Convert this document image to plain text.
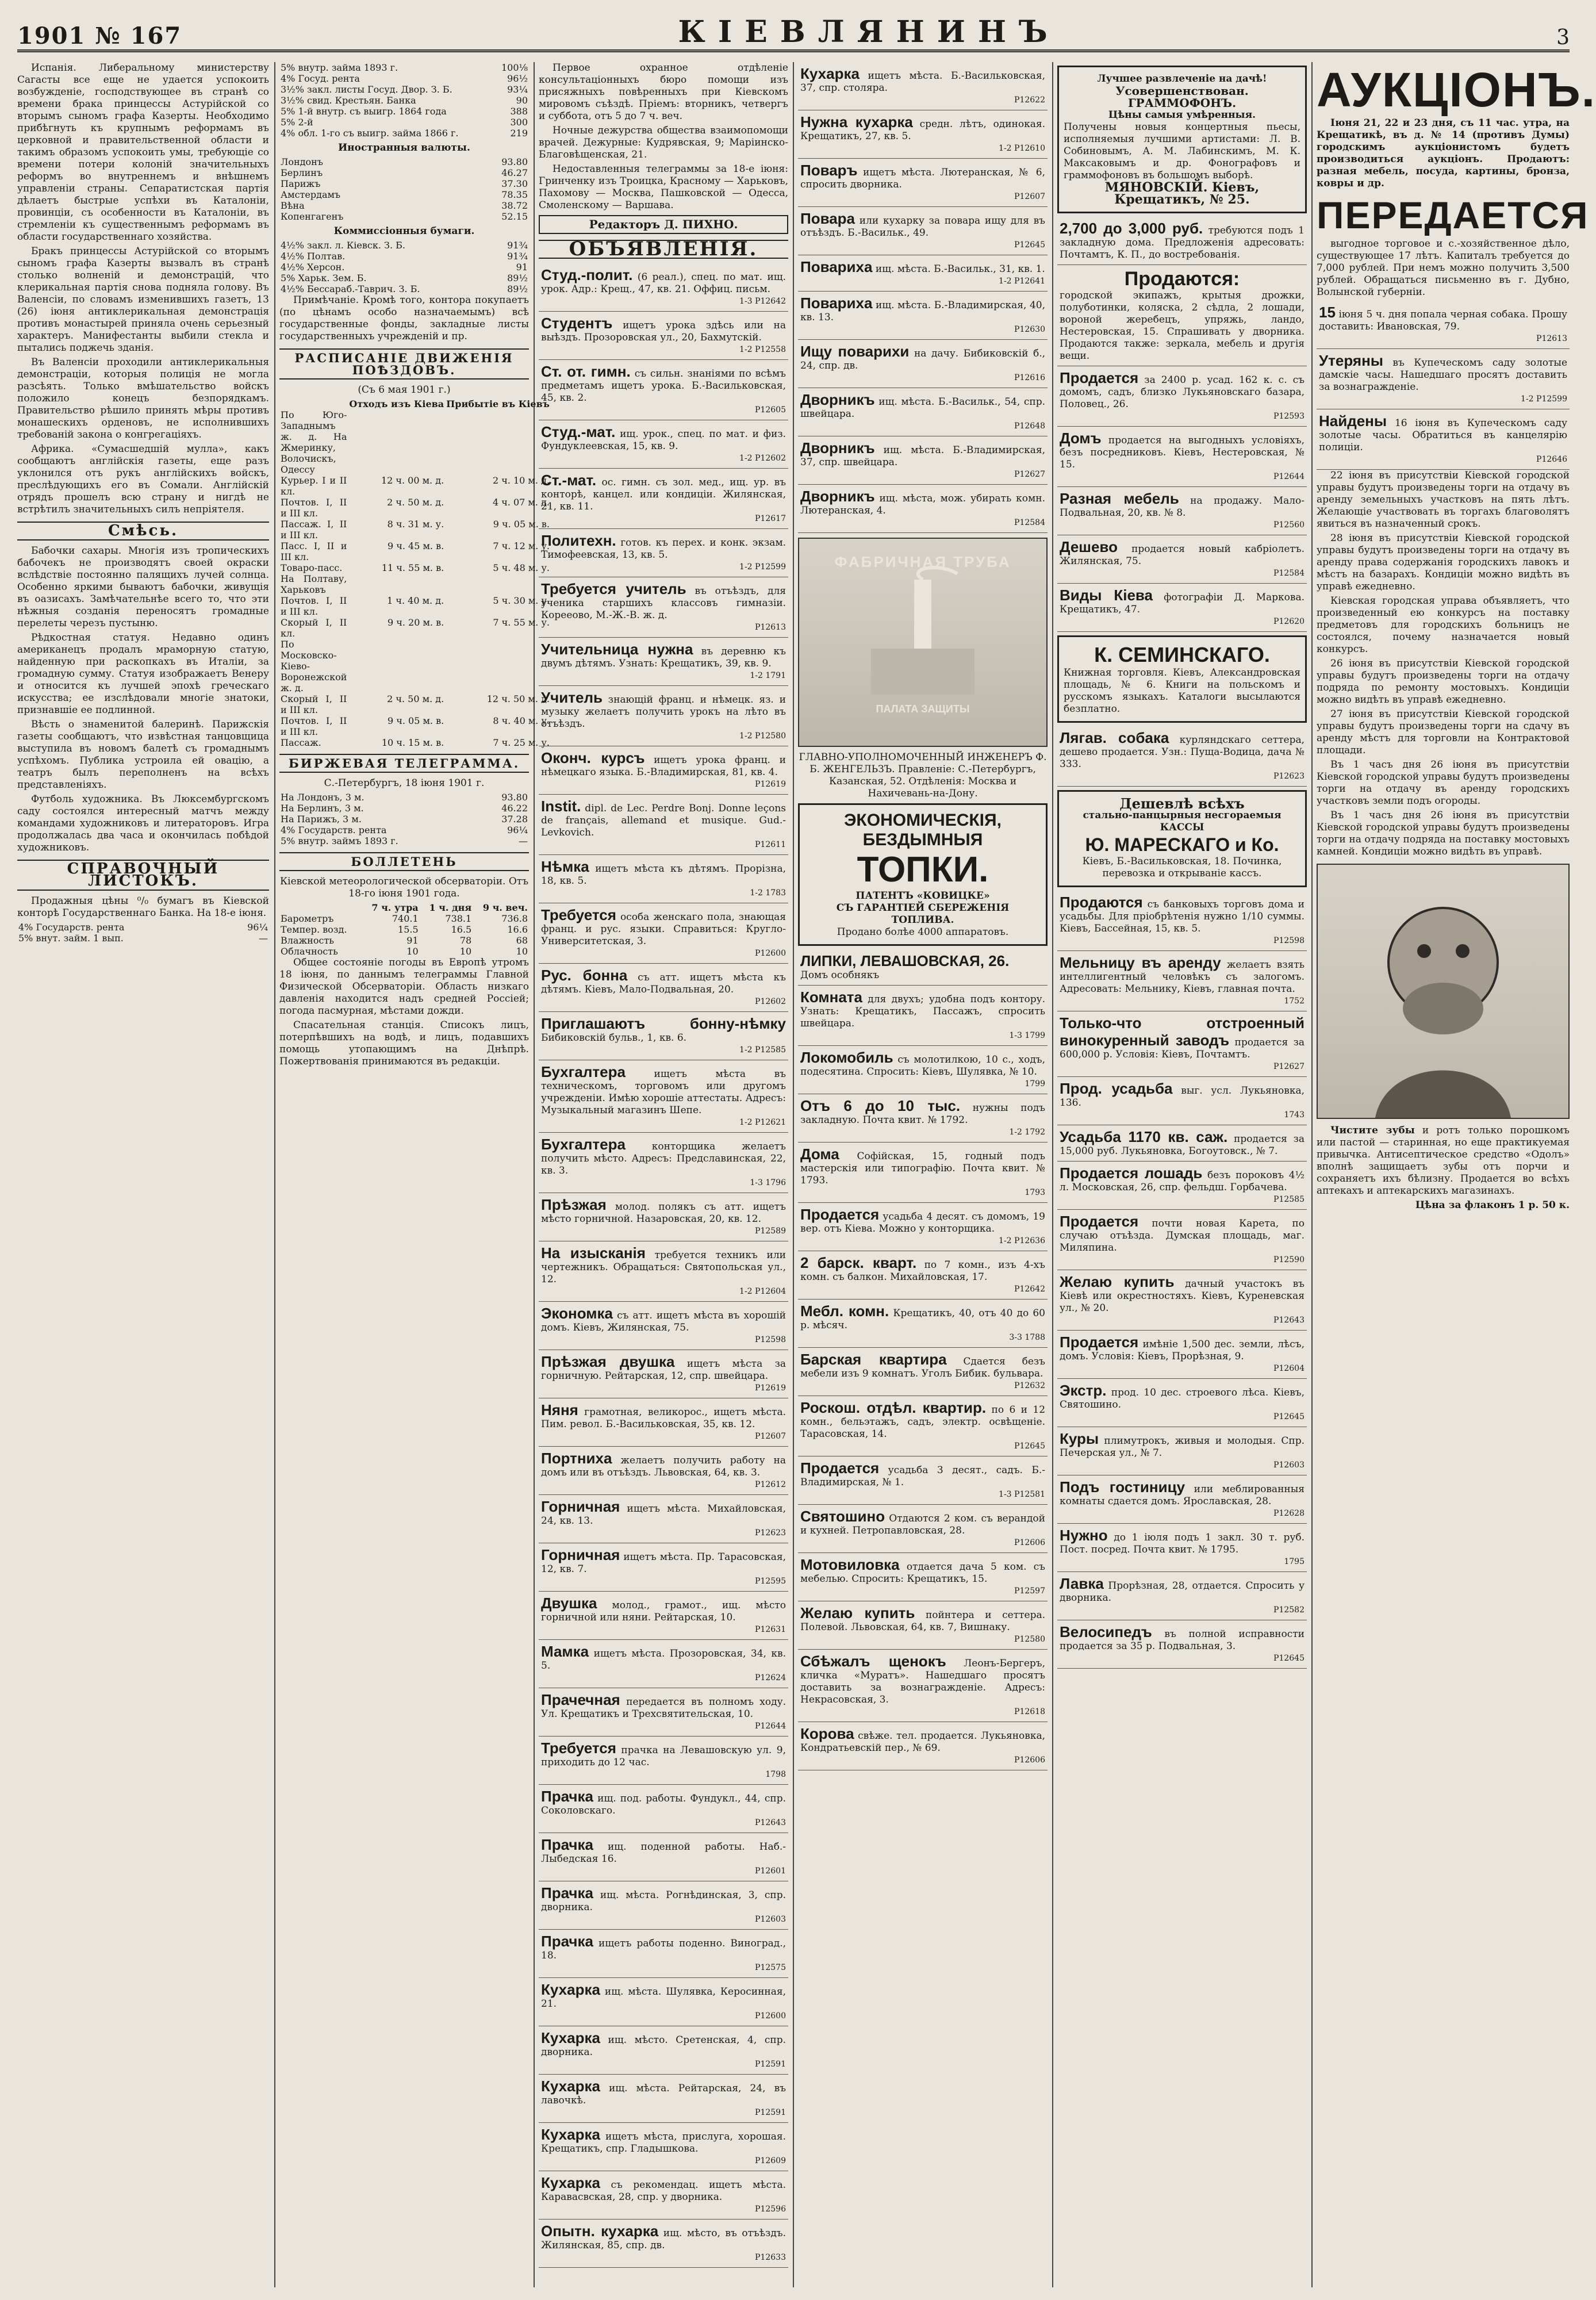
1901 № 167	КІЕВЛЯНИНЪ	3

Испанія. Либеральному министерству Сагасты все еще не удается успокоить возбужденіе, господствующее въ странѣ со времени брака принцессы Астурійской со вторымъ сыномъ графа Казерты. Необходимо прибѣгнуть къ крупнымъ реформамъ въ церковной и правительственной области и такимъ образомъ успокоить умы, требующіе со времени потери колоній значительныхъ реформъ во внутреннемъ и внѣшнемъ управленіи страны. Сепаратистская партія дѣлаетъ быстрые успѣхи въ Каталоніи, провинціи, съ особенности въ Каталоніи, въ стремленіи къ существеннымъ реформамъ въ области государственнаго хозяйства.

Бракъ принцессы Астурійской со вторымъ сыномъ графа Казерты вызвалъ въ странѣ столько волненій и демонстрацій, что клерикальная партія снова подняла голову. Въ Валенсіи, по словамъ изменившихъ газетъ, 13 (26) іюня антиклерикальная демонстрація противъ монастырей приняла очень серьезный характеръ. Манифестанты выбили стекла и пытались поджечь зданія.

Въ Валенсіи проходили антиклерикальныя демонстраціи, которыя полиція не могла разсѣять. Только вмѣшательство войскъ положило конецъ безпорядкамъ. Правительство рѣшило принять мѣры противъ монашескихъ орденовъ, не исполнившихъ требованій закона о конгрегаціяхъ.

Африка. «Сумасшедшій мулла», какъ сообщаютъ англійскія газеты, еще разъ уклонился отъ рукъ англійскихъ войскъ, преслѣдующихъ его въ Сомали. Англійскій отрядъ прошелъ всю страну и нигдѣ не встрѣтилъ значительныхъ силъ непріятеля.

Смѣсь.

Бабочки сахары. Многія изъ тропическихъ бабочекъ не производятъ своей окраски вслѣдствіе постоянно палящихъ лучей солнца. Особенно яркими бываютъ бабочки, живущія въ оазисахъ. Замѣчательнѣе всего то, что эти нѣжныя созданія переносятъ громадные перелеты черезъ пустыню.

Рѣдкостная статуя. Недавно одинъ американецъ продалъ мраморную статую, найденную при раскопкахъ въ Италіи, за громадную сумму. Статуя изображаетъ Венеру и относится къ лучшей эпохѣ греческаго искусства; ее изслѣдовали многіе знатоки, признавшіе ее подлинной.

Вѣсть о знаменитой балеринѣ. Парижскія газеты сообщаютъ, что извѣстная танцовщица выступила въ новомъ балетѣ съ громаднымъ успѣхомъ. Публика устроила ей овацію, а театръ былъ переполненъ на всѣхъ представленіяхъ.

Футболь художника. Въ Люксембургскомъ саду состоялся интересный матчъ между командами художниковъ и литераторовъ. Игра продолжалась два часа и окончилась побѣдой художниковъ.

СПРАВОЧНЫЙ ЛИСТОКЪ.

Продажныя цѣны ⁰/₀ бумагъ въ Кіевской конторѣ Государственнаго Банка. На 18-е іюня.

4% Государств. рента	96¼
5% внут. займ. 1 вып.	—
5% внутр. займа 1893 г.	100⅛
4% Госуд. рента	96½
3½% закл. листы Госуд. Двор. З. Б.	93¼
3½% свид. Крестьян. Банка	90
5% 1-й внутр. съ выигр. 1864 года	388
5% 2-й	300
4% обл. 1-го съ выигр. займа 1866 г.	219

Иностранныя валюты.

Лондонъ	93.80
Берлинъ	46.27
Парижъ	37.30
Амстердамъ	78.35
Вѣна	38.72
Копенгагенъ	52.15

Коммиссіонныя бумаги.

4½% закл. л. Кіевск. З. Б.	91¾
4½% Полтав.	91¾
4½% Херсон.	91
5% Харьк. Зем. Б.	89½
4½% Бессараб.-Таврич. З. Б.	89½

Примѣчаніе. Кромѣ того, контора покупаетъ (по цѣнамъ особо назначаемымъ) всѣ государственные фонды, закладные листы государственныхъ учрежденій и пр.

РАСПИСАНІЕ ДВИЖЕНІЯ ПОѢЗДОВЪ.

(Съ 6 мая 1901 г.)

	Отходъ изъ Кіева	Прибытіе въ Кіевъ
По Юго-Западнымъ ж. д. На Жмеринку, Волочискъ, Одессу		
Курьер. I и II кл.	12 ч. 00 м. д.	2 ч. 10 м. д.
Почтов. I, II и III кл.	2 ч. 50 м. д.	4 ч. 07 м. д.
Пассаж. I, II и III кл.	8 ч. 31 м. у.	9 ч. 05 м. в.
Пасс. I, II и III кл.	9 ч. 45 м. в.	7 ч. 12 м. у.
Товаро-пасс.	11 ч. 55 м. в.	5 ч. 48 м. у.
На Полтаву, Харьковъ		
Почтов. I, II и III кл.	1 ч. 40 м. д.	5 ч. 30 м. у.
Скорый I, II кл.	9 ч. 20 м. в.	7 ч. 55 м. у.
По Московско-Кіево-Воронежской ж. д.		
Скорый I, II и III кл.	2 ч. 50 м. д.	12 ч. 50 м. д.
Почтов. I, II и III кл.	9 ч. 05 м. в.	8 ч. 40 м. у.
Пассаж.	10 ч. 15 м. в.	7 ч. 25 м. у.
БИРЖЕВАЯ ТЕЛЕГРАММА.

С.-Петербургъ, 18 іюня 1901 г.

На Лондонъ, 3 м.	93.80
На Берлинъ, 3 м.	46.22
На Парижъ, 3 м.	37.28
4% Государств. рента	96¼
5% внутр. займъ 1893 г.	—
БОЛЛЕТЕНЬ

Кіевской метеорологической обсерваторіи. Отъ 18-го іюня 1901 года.

	7 ч. утра	1 ч. дня	9 ч. веч.
Барометръ	740.1	738.1	736.8
Темпер. возд.	15.5	16.5	16.6
Влажность	91	78	68
Облачность	10	10	10

Общее состояніе погоды въ Европѣ утромъ 18 іюня, по даннымъ телеграммы Главной Физической Обсерваторіи. Область низкаго давленія находится надъ средней Россіей; погода пасмурная, мѣстами дожди.

Спасательная станція. Списокъ лицъ, потерпѣвшихъ на водѣ, и лицъ, подавшихъ помощь утопающимъ на Днѣпрѣ. Пожертвованія принимаются въ редакціи.

Первое охранное отдѣленіе консультаціонныхъ бюро помощи изъ присяжныхъ повѣренныхъ при Кіевскомъ мировомъ съѣздѣ. Пріемъ: вторникъ, четвергъ и суббота, отъ 5 до 7 ч. веч.

Ночные дежурства общества взаимопомощи врачей. Дежурные: Кудрявская, 9; Маріинско-Благовѣщенская, 21.

Недоставленныя телеграммы за 18-е іюня: Гринченку изъ Троицка, Красному — Харьковъ, Пахомову — Москва, Пашковской — Одесса, Смоленскому — Варшава.

Редакторъ Д. ПИХНО.
ОБЪЯВЛЕНІЯ.
Студ.-полит. (6 реал.), спец. по мат. ищ. урок. Адр.: Крещ., 47, кв. 21. Оффиц. письм.
1-3 Р12642
Студентъ ищетъ урока здѣсь или на выѣздъ. Прозоровская ул., 20, Бахмутскій.
1-2 Р12558
Ст. от. гимн. съ сильн. знаніями по всѣмъ предметамъ ищетъ урока. Б.-Васильковская, 45, кв. 2.
Р12605
Студ.-мат. ищ. урок., спец. по мат. и физ. Фундуклеевская, 15, кв. 9.
1-2 Р12602
Ст.-мат. ос. гимн. съ зол. мед., ищ. ур. въ конторѣ, канцел. или кондиціи. Жилянская, 21, кв. 11.
Р12617
Политехн. готов. къ перех. и конк. экзам. Тимофеевская, 13, кв. 5.
1-2 Р12599
Требуется учитель въ отъѣздъ, для ученика старшихъ классовъ гимназіи. Корееово, М.-Ж.-В. ж. д.
Р12613
Учительница нужна въ деревню къ двумъ дѣтямъ. Узнать: Крещатикъ, 39, кв. 9.
1-2 1791
Учитель знающій франц. и нѣмецк. яз. и музыку желаетъ получить урокъ на лѣто въ отъѣздъ.
1-2 Р12580
Оконч. курсъ ищетъ урока франц. и нѣмецкаго языка. Б.-Владимирская, 81, кв. 4.
Р12619
Instit. dipl. de Lec. Perdre Bonj. Donne leçons de français, allemand et musique. Gud.-Levkovich.
Р12611
Нѣмка ищетъ мѣста къ дѣтямъ. Прорізна, 18, кв. 5.
1-2 1783
Требуется особа женскаго пола, знающая франц. и рус. языки. Справиться: Кругло-Университетская, 3.
Р12600
Рус. бонна съ атт. ищетъ мѣста къ дѣтямъ. Кіевъ, Мало-Подвальная, 20.
Р12602
Приглашаютъ бонну-нѣмку Бибиковскій бульв., 1, кв. 6.
1-2 Р12585
Бухгалтера	ищетъ мѣста въ техническомъ, торговомъ или другомъ учрежденіи. Имѣю хорошіе аттестаты. Адресъ: Музыкальный магазинъ Шепе.
1-2 Р12621
Бухгалтера	конторщика желаетъ получить мѣсто. Адресъ: Предславинская, 22, кв. 3.
1-3 1796
Прѣзжая молод. полякъ съ атт. ищетъ мѣсто горничной. Назаровская, 20, кв. 12.
Р12589
На изысканія требуется техникъ или чертежникъ. Обращаться: Святопольская ул., 12.
1-2 Р12604
Экономка съ атт. ищетъ мѣста въ хорошій домъ. Кіевъ, Жилянская, 75.
Р12598
Прѣзжая двушка ищетъ мѣста за горничную. Рейтарская, 12, спр. швейцара.
Р12619
Няня грамотная, великорос., ищетъ мѣста. Пим. револ. Б.-Васильковская, 35, кв. 12.
Р12607
Портниха желаетъ получить работу на домъ или въ отъѣздъ. Львовская, 64, кв. 3.
Р12612
Горничная ищетъ мѣста. Михайловская, 24, кв. 13.
Р12623
Горничная ищетъ мѣста. Пр. Тарасовская, 12, кв. 7.
Р12595
Двушка молод., грамот., ищ. мѣсто горничной или няни. Рейтарская, 10.
Р12631
Мамка ищетъ мѣста. Прозоровская, 34, кв. 5.
Р12624
Прачечная передается въ полномъ ходу. Ул. Крещатикъ и Трехсвятительская, 10.
Р12644
Требуется прачка на Левашовскую ул. 9, приходить до 12 час.
1798
Прачка ищ. под. работы. Фундукл., 44, спр. Соколовскаго.
Р12643
Прачка ищ. поденной работы. Наб.-Лыбедская 16.
Р12601
Прачка ищ. мѣста. Рогнѣдинская, 3, спр. дворника.
Р12603
Прачка ищетъ работы поденно. Виноград., 18.
Р12575
Кухарка ищ. мѣста. Шулявка, Керосинная, 21.
Р12600
Кухарка ищ. мѣсто. Сретенская, 4, спр. дворника.
Р12591
Кухарка ищ. мѣста. Рейтарская, 24, въ лавочкѣ.
Р12591
Кухарка ищетъ мѣста, прислуга, хорошая. Крещатикъ, спр. Гладышкова.
Р12609
Кухарка съ рекомендац. ищетъ мѣста. Каравасвская, 28, спр. у дворника.
Р12596
Опытн. кухарка ищ. мѣсто, въ отъѣздъ. Жилянская, 85, спр. дв.
Р12633
Кухарка ищетъ мѣста. Б.-Васильковская, 37, спр. столяра.
Р12622
Нужна кухарка средн. лѣтъ, одинокая. Крещатикъ, 27, кв. 5.
1-2 Р12610
Поваръ ищетъ мѣста. Лютеранская, № 6, спросить дворника.
Р12607
Повара или кухарку за повара ищу для въ отъѣздъ. Б.-Васильк., 49.
Р12645
Повариха ищ. мѣста. Б.-Васильк., 31, кв. 1.
1-2 Р12641
Повариха ищ. мѣста. Б.-Владимирская, 40, кв. 13.
Р12630
Ищу поварихи на дачу. Бибиковскій б., 24, спр. дв.
Р12616
Дворникъ ищ. мѣста. Б.-Васильк., 54, спр. швейцара.
Р12648
Дворникъ ищ. мѣста. Б.-Владимирская, 37, спр. швейцара.
Р12627
Дворникъ ищ. мѣста, мож. убирать комн. Лютеранская, 4.
Р12584
ФАБРИЧНАЯ ТРУБА
ПАЛАТА ЗАЩИТЫ

ГЛАВНО-УПОЛНОМОЧЕННЫЙ ИНЖЕНЕРЪ Ф. Б. ЖЕНГЕЛЬЗЪ. Правленіе: С.-Петербургъ, Казанская, 52. Отдѣленія: Москва и Нахичевань-на-Дону.

ЭКОНОМИЧЕСКІЯ, БЕЗДЫМНЫЯ
ТОПКИ.
ПАТЕНТЪ «КОВИЦКЕ»
СЪ ГАРАНТІЕЙ СБЕРЕЖЕНІЯ ТОПЛИВА.
Продано болѣе 4000 аппаратовъ.
ЛИПКИ, ЛЕВАШОВСКАЯ, 26.
Домъ особнякъ
Комната для двухъ; удобна подъ контору. Узнать: Крещатикъ, Пассажъ, спросить швейцара.
1-3 1799
Локомобиль съ молотилкою, 10 с., ходъ, подесятина. Спросить: Кіевъ, Шулявка, № 10.
1799
Отъ 6 до 10 тыс. нужны подъ закладную. Почта квит. № 1792.
1-2 1792
Дома Софійская, 15, годный подъ мастерскія или типографію. Почта квит. № 1793.
1793
Продается усадьба 4 десят. съ домомъ, 19 вер. отъ Кіева. Можно у конторщика.
1-2 Р12636
2 барск. кварт. по 7 комн., изъ 4-хъ комн. съ балкон. Михайловская, 17.
Р12642
Мебл. комн. Крещатикъ, 40, отъ 40 до 60 р. мѣсяч.
3-3 1788
Барская квартира Сдается безъ мебели изъ 9 комнатъ. Уголъ Бибик. бульвара.
Р12632
Роскош. отдѣл. квартир. по 6 и 12 комн., бельэтажъ, садъ, электр. освѣщеніе. Тарасовская, 14.
Р12645
Продается усадьба 3 десят., садъ. Б.-Владимирская, № 1.
1-3 Р12581
Святошино Отдаются 2 ком. съ верандой и кухней. Петропавловская, 28.
Р12606
Мотовиловка отдается дача 5 ком. съ мебелью. Спросить: Крещатикъ, 15.
Р12597
Желаю купить пойнтера и сеттера. Полевой. Львовская, 64, кв. 7, Вишнаку.
Р12580
Сбѣжалъ щенокъ Леонъ-Бергеръ, кличка «Муратъ». Нашедшаго просятъ доставить за вознагражденіе. Адресъ: Некрасовская, 3.
Р12618
Корова свѣже. тел. продается. Лукьяновка, Кондратьевскій пер., № 69.
Р12606
Лучшее развлеченіе на дачѣ!
Усовершенствован. ГРАММОФОНЪ.
Цѣны самыя умѣренныя.
Получены новыя концертныя пьесы, исполняемыя лучшими артистами: Л. В. Собиновымъ, А. М. Лабинскимъ, М. К. Максаковымъ и др. Фонографовъ и граммофоновъ въ большомъ выборѣ.
МЯНОВСКІЙ. Кіевъ, Крещатикъ, № 25.
2,700 до 3,000 руб. требуются подъ 1 закладную дома. Предложенія адресовать: Почтамтъ, К. П., до востребованія.
Продаются:
городской экипажъ, крытыя дрожки, полуботинки, коляска, 2 сѣдла, 2 лошади, вороной жеребецъ, упряжь, ландо, Нестеровская, 15. Спрашивать у дворника. Продаются также: зеркала, мебель и другія вещи.
Продается за 2400 р. усад. 162 к. с. съ домомъ, садъ, близко Лукьяновскаго базара, Половец., 26.
Р12593
Домъ продается на выгодныхъ условіяхъ, безъ посредниковъ. Кіевъ, Нестеровская, № 15.
Р12644
Разная мебель на продажу. Мало-Подвальная, 20, кв. № 8.
Р12560
Дешево продается новый кабріолетъ. Жилянская, 75.
Р12584
Виды Кіева фотографіи Д. Маркова. Крещатикъ, 47.
Р12620
К. СЕМИНСКАГО.
Книжная торговля. Кіевъ, Александровская площадь, № 6. Книги на польскомъ и русскомъ языкахъ. Каталоги высылаются безплатно.
Лягав. собака курляндскаго сеттера, дешево продается. Узн.: Пуща-Водица, дача № 333.
Р12623
Дешевлѣ всѣхъ
стально-панцырныя несгораемыя КАССЫ
Ю. МАРЕСКАГО и Ко.
Кіевъ, Б.-Васильковская, 18. Починка, перевозка и открываніе кассъ.
Продаются съ банковыхъ торговъ дома и усадьбы. Для пріобрѣтенія нужно 1/10 суммы. Кіевъ, Бассейная, 15, кв. 5.
Р12598
Мельницу въ аренду желаетъ взять интеллигентный человѣкъ съ залогомъ. Адресовать: Мельнику, Кіевъ, главная почта.
1752
Только-что отстроенный винокуренный заводъ продается за 600,000 р. Условія: Кіевъ, Почтамтъ.
Р12627
Прод. усадьба выг. усл. Лукьяновка, 136.
1743
Усадьба 1170 кв. саж. продается за 15,000 руб. Лукьяновка, Богоутовск., № 7.
Продается лошадь безъ пороковъ 4½ л. Московская, 26, спр. фельдш. Горбачева.
Р12585
Продается почти новая Карета, по случаю отъѣзда. Думская площадь, маг. Миляпина.
Р12590
Желаю купить дачный участокъ въ Кіевѣ или окрестностяхъ. Кіевъ, Куреневская ул., № 20.
Р12643
Продается имѣніе 1,500 дес. земли, лѣсъ, домъ. Условія: Кіевъ, Прорѣзная, 9.
Р12604
Экстр. прод. 10 дес. строевого лѣса. Кіевъ, Святошино.
Р12645
Куры плимутрокъ, живыя и молодыя. Спр. Печерская ул., № 7.
Р12603
Подъ гостиницу или меблированныя комнаты сдается домъ. Ярославская, 28.
Р12628
Нужно до 1 іюля подъ 1 закл. 30 т. руб. Пост. посред. Почта квит. № 1795.
1795
Лавка Прорѣзная, 28, отдается. Спросить у дворника.
Р12582
Велосипедъ въ полной исправности продается за 35 р. Подвальная, 3.
Р12645
АУКЦІОНЪ.

Іюня 21, 22 и 23 дня, съ 11 час. утра, на Крещатикѣ, въ д. № 14 (противъ Думы) городскимъ аукціонистомъ будетъ производиться аукціонъ. Продаютъ: разная мебель, посуда, картины, бронза, ковры и др.

ПЕРЕДАЕТСЯ

выгодное торговое и с.-хозяйственное дѣло, существующее 17 лѣтъ. Капиталъ требуется до 7,000 рублей. При немъ можно получить 3,500 рублей. Обращаться письменно въ г. Дубно, Волынской губерніи.

15 іюня 5 ч. дня попала черная собака. Прошу доставить: Ивановская, 79.
Р12613
Утеряны въ Купеческомъ саду золотые дамскіе часы. Нашедшаго просятъ доставить за вознагражденіе.
1-2 Р12599
Найдены 16 іюня въ Купеческомъ саду золотые часы. Обратиться въ канцелярію полиціи.
Р12646

22 іюня въ присутствіи Кіевской городской управы будутъ произведены торги на отдачу въ аренду земельныхъ участковъ на пять лѣтъ. Желающіе участвовать въ торгахъ благоволятъ явиться въ назначенный срокъ.

28 іюня въ присутствіи Кіевской городской управы будутъ произведены торги на отдачу въ аренду права содержанія городскихъ лавокъ и мѣстъ на базарахъ. Кондиціи можно видѣть въ управѣ ежедневно.

Кіевская городская управа объявляетъ, что произведенный ею конкурсъ на поставку предметовъ для городскихъ больницъ не состоялся, почему назначается новый конкурсъ.

26 іюня въ присутствіи Кіевской городской управы будутъ произведены торги на отдачу подряда по ремонту мостовыхъ. Кондиціи можно видѣть въ управѣ ежедневно.

27 іюня въ присутствіи Кіевской городской управы будутъ произведены торги на сдачу въ аренду мѣстъ для торговли на Контрактовой площади.

Въ 1 часъ дня 26 іюня въ присутствіи Кіевской городской управы будутъ произведены торги на отдачу въ аренду городскихъ участковъ земли подъ огороды.

Въ 1 часъ дня 26 іюня въ присутствіи Кіевской городской управы будутъ произведены торги на отдачу подряда на поставку мостовыхъ камней. Кондиціи можно видѣть въ управѣ.

Чистите зубы и ротъ только порошкомъ или пастой — старинная, но еще практикуемая привычка. Антисептическое средство «Одолъ» вполнѣ защищаетъ зубы отъ порчи и сохраняетъ ихъ бѣлизну. Продается во всѣхъ аптекахъ и аптекарскихъ магазинахъ.

Цѣна за флаконъ 1 р. 50 к.
